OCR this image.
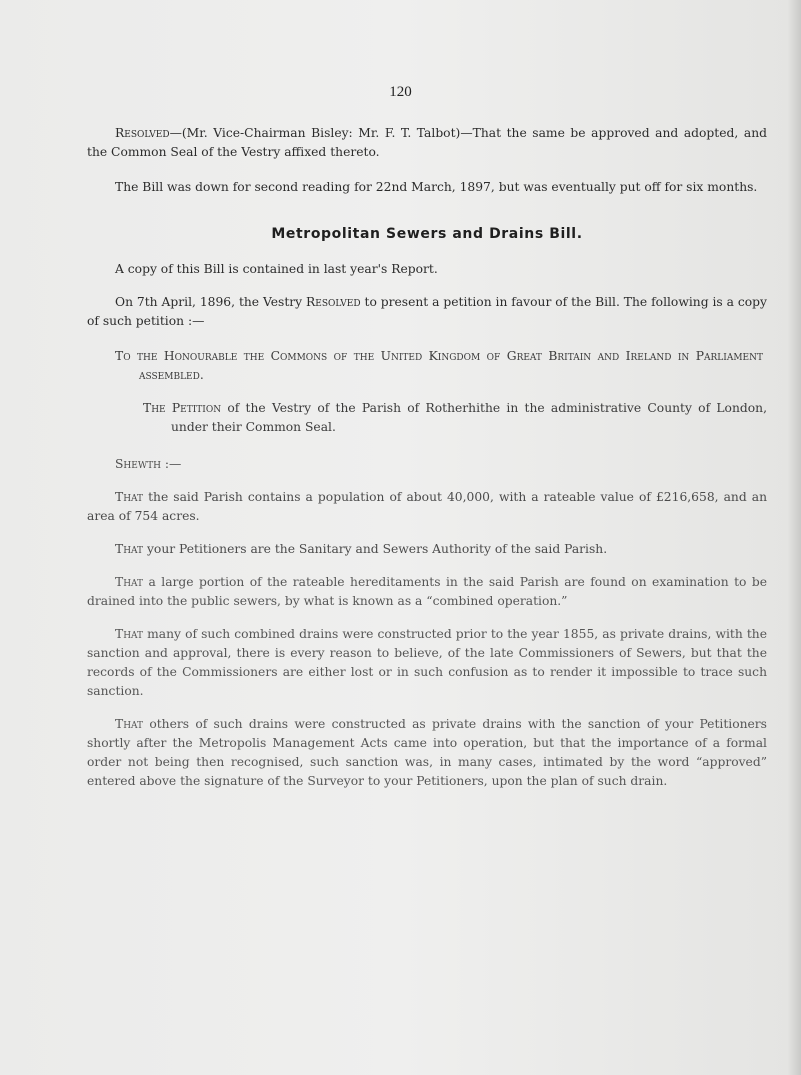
120

Resolved—(Mr. Vice-Chairman Bisley: Mr. F. T. Talbot)—That the same be approved and adopted, and the Common Seal of the Vestry affixed thereto.

The Bill was down for second reading for 22nd March, 1897, but was eventually put off for six months.

Metropolitan Sewers and Drains Bill.

A copy of this Bill is contained in last year's Report.

On 7th April, 1896, the Vestry Resolved to present a petition in favour of the Bill. The following is a copy of such petition :—

To the Honourable the Commons of the United Kingdom of Great Britain and Ireland in Parliament assembled.

The Petition of the Vestry of the Parish of Rotherhithe in the administrative County of London, under their Common Seal.

Shewth :—

That the said Parish contains a population of about 40,000, with a rateable value of £216,658, and an area of 754 acres.

That your Petitioners are the Sanitary and Sewers Authority of the said Parish.

That a large portion of the rateable hereditaments in the said Parish are found on examination to be drained into the public sewers, by what is known as a “combined operation.”

That many of such combined drains were constructed prior to the year 1855, as private drains, with the sanction and approval, there is every reason to believe, of the late Commissioners of Sewers, but that the records of the Commissioners are either lost or in such confusion as to render it impossible to trace such sanction.

That others of such drains were constructed as private drains with the sanction of your Petitioners shortly after the Metropolis Management Acts came into operation, but that the importance of a formal order not being then recognised, such sanction was, in many cases, intimated by the word “approved” entered above the signature of the Surveyor to your Petitioners, upon the plan of such drain.
